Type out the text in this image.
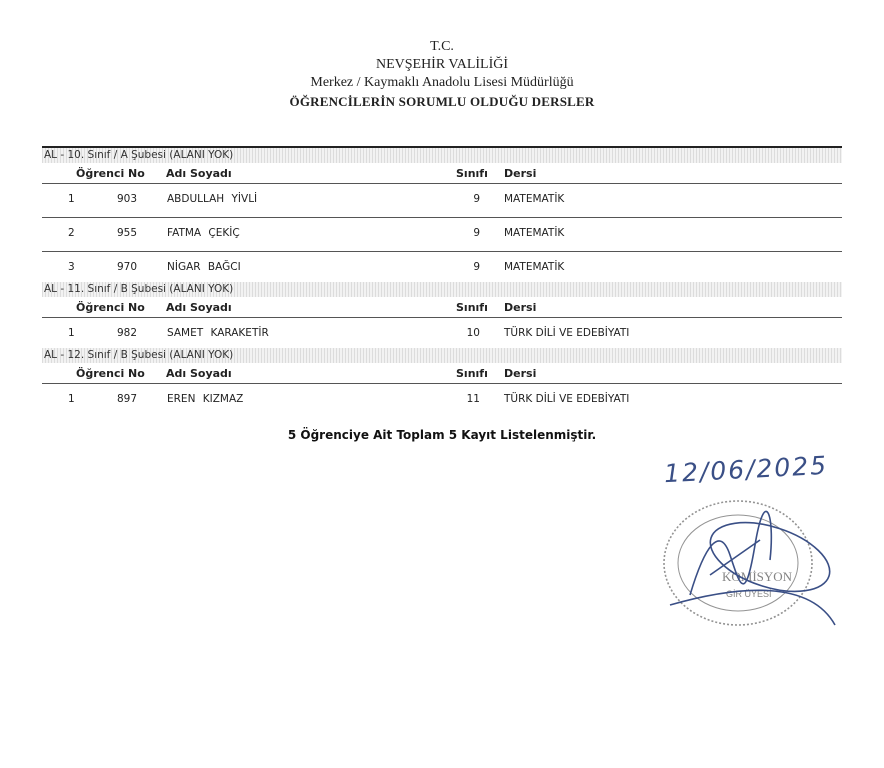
T.C.
NEVŞEHİR VALİLİĞİ
Merkez / Kaymaklı Anadolu Lisesi Müdürlüğü
ÖĞRENCİLERİN SORUMLU OLDUĞU DERSLER
AL - 10. Sınıf / A Şubesi (ALANI YOK)
Öğrenci No Adı Soyadı	Sınıfı Dersi
1	903	ABDULLAH YİVLİ	9 MATEMATİK
2	955	FATMA ÇEKİÇ	9 MATEMATİK
3	970	NİGAR BAĞCI	9 MATEMATİK
AL - 11. Sınıf / B Şubesi (ALANI YOK)
Öğrenci No Adı Soyadı	Sınıfı Dersi
1	982	SAMET KARAKETİR	10 TÜRK DİLİ VE EDEBİYATI
AL - 12. Sınıf / B Şubesi (ALANI YOK)
Öğrenci No Adı Soyadı	Sınıfı Dersi
1	897	EREN KIZMAZ	11 TÜRK DİLİ VE EDEBİYATI
5 Öğrenciye Ait Toplam 5 Kayıt Listelenmiştir.
12/06/2025
KOMİSYON
GİR ÜYESİ
